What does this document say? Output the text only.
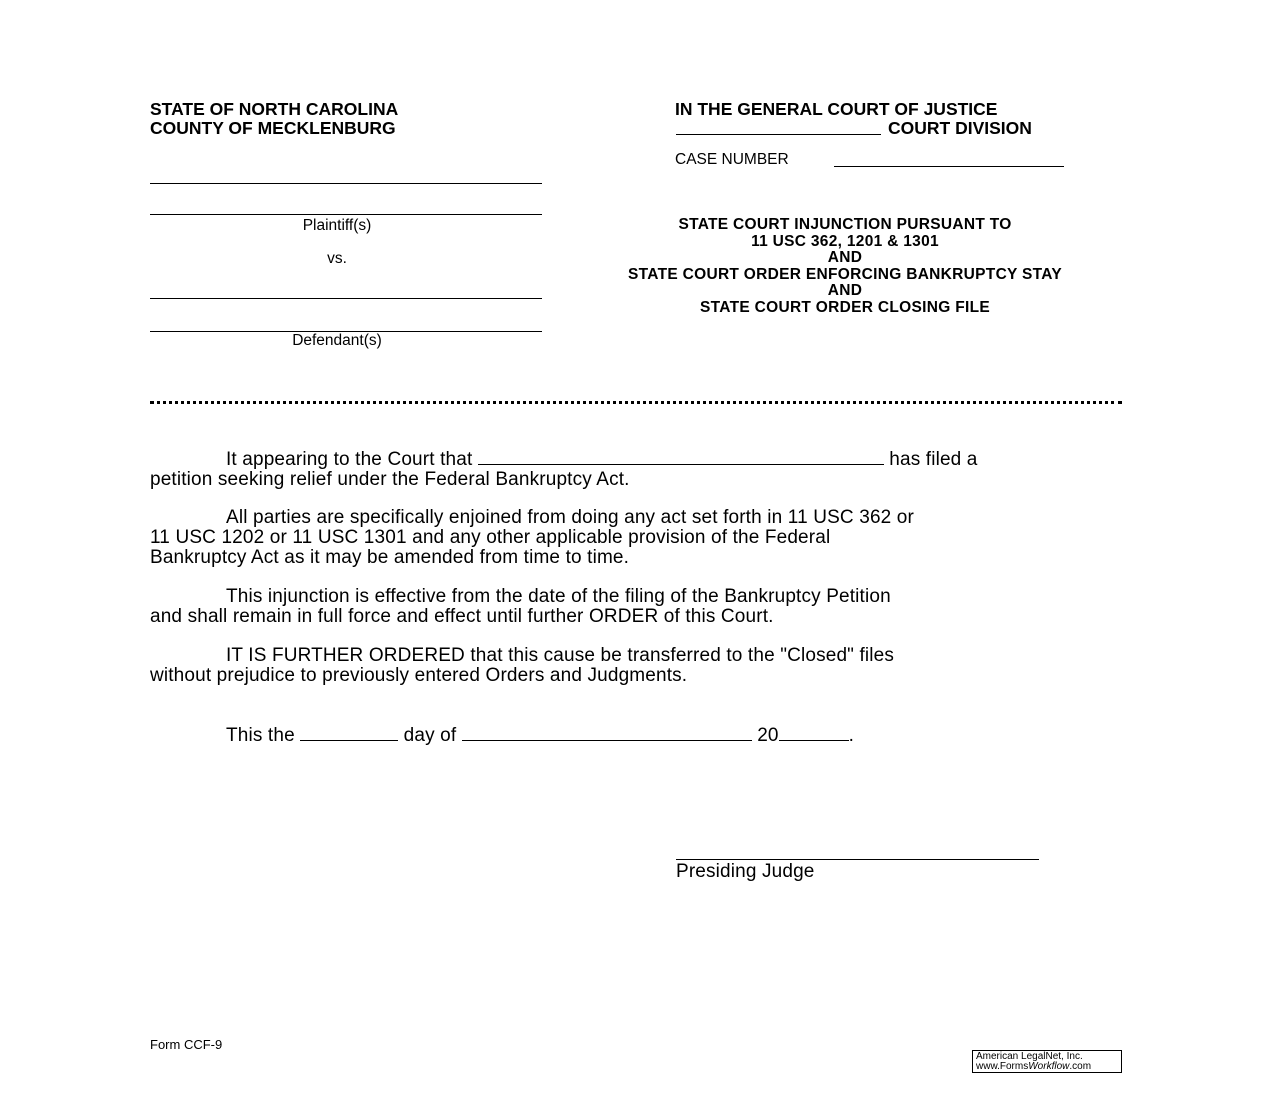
STATE OF NORTH CAROLINA
COUNTY OF MECKLENBURG
IN THE GENERAL COURT OF JUSTICE
COURT DIVISION
CASE NUMBER
Plaintiff(s)
vs.
Defendant(s)
STATE COURT INJUNCTION PURSUANT TO
11 USC 362, 1201 & 1301
AND
STATE COURT ORDER ENFORCING BANKRUPTCY STAY
AND
STATE COURT ORDER CLOSING FILE
It appearing to the Court that	has filed a
petition seeking relief under the Federal Bankruptcy Act.
All parties are specifically enjoined from doing any act set forth in 11 USC 362 or
11 USC 1202 or 11 USC 1301 and any other applicable provision of the Federal
Bankruptcy Act as it may be amended from time to time.
This injunction is effective from the date of the filing of the Bankruptcy Petition
and shall remain in full force and effect until further ORDER of this Court.
IT IS FURTHER ORDERED that this cause be transferred to the "Closed" files
without prejudice to previously entered Orders and Judgments.
This the	day of	20	.
Presiding Judge
Form CCF-9
American LegalNet, Inc.
www.FormsWorkflow.com
